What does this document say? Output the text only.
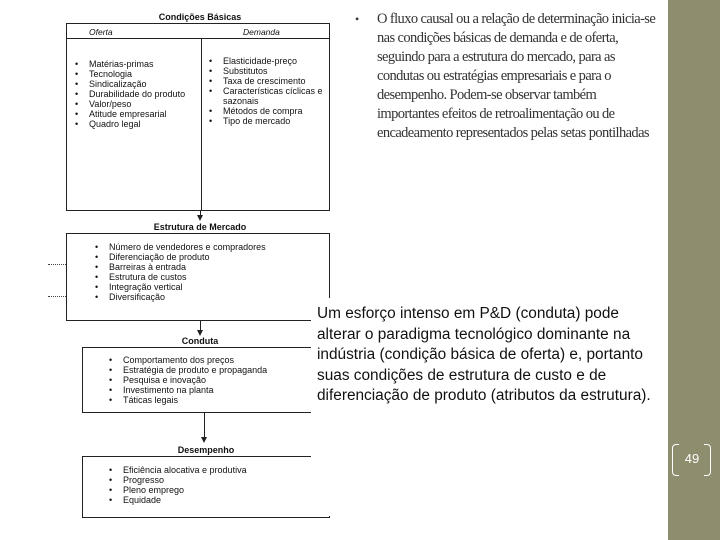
Condições Básicas
Oferta	Demanda
• Matérias-primas
• Tecnologia
• Sindicalização
• Durabilidade do produto
• Valor/peso
• Atitude empresarial
• Quadro legal
• Elasticidade-preço
• Substitutos
• Taxa de crescimento
• Características cíclicas e sazonais
• Métodos de compra
• Tipo de mercado
Estrutura de Mercado
• Número de vendedores e compradores
• Diferenciação de produto
• Barreiras à entrada
• Estrutura de custos
• Integração vertical
• Diversificação
Conduta
• Comportamento dos preços
• Estratégia de produto e propaganda
• Pesquisa e inovação
• Investimento na planta
• Táticas legais
Desempenho
• Eficiência alocativa e produtiva
• Progresso
• Pleno emprego
• Equidade
• O fluxo causal ou a relação de determinação inicia-se nas condições básicas de demanda e de oferta, seguindo para a estrutura do mercado, para as condutas ou estratégias empresariais e para o desempenho. Podem-se observar também importantes efeitos de retroalimentação ou de encadeamento representados pelas setas pontilhadas
Um esforço intenso em P&D (conduta) pode alterar o paradigma tecnológico dominante na indústria (condição básica de oferta) e, portanto suas condições de estrutura de custo e de diferenciação de produto (atributos da estrutura).
49
